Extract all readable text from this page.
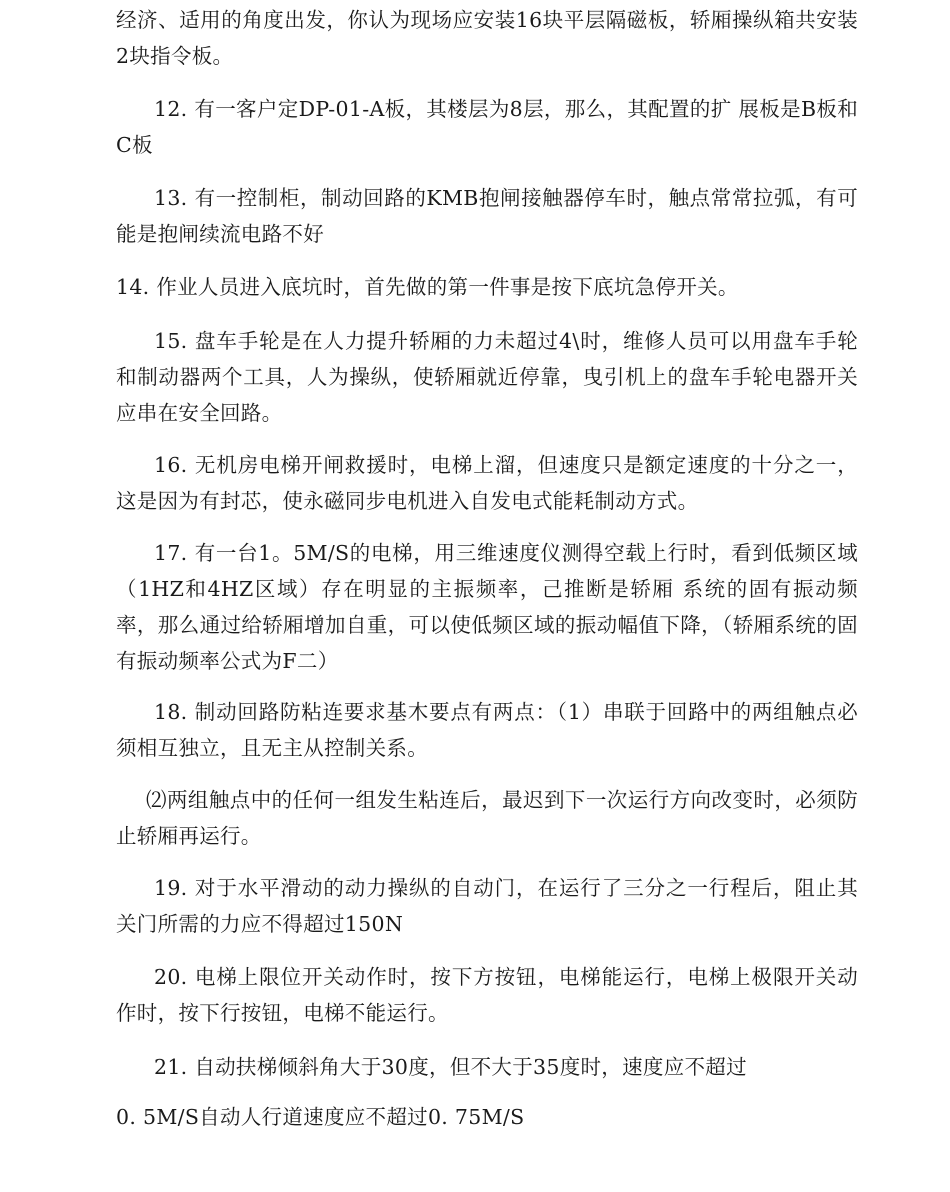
经济、适用的角度出发，你认为现场应安装16块平层隔磁板，轿厢操纵箱共安装2块指令板。

12. 有一客户定DP-01-A板，其楼层为8层，那么，其配置的扩 展板是B板和C板

13. 有一控制柜，制动回路的KMB抱闸接触器停车时，触点常常拉弧，有可能是抱闸续流电路不好

14. 作业人员进入底坑时，首先做的第一件事是按下底坑急停开关。

15. 盘车手轮是在人力提升轿厢的力未超过4\时，维修人员可以用盘车手轮和制动器两个工具，人为操纵，使轿厢就近停靠，曳引机上的盘车手轮电器开关应串在安全回路。

16. 无机房电梯开闸救援时，电梯上溜，但速度只是额定速度的十分之一，这是因为有封芯，使永磁同步电机进入自发电式能耗制动方式。

17. 有一台1。5M/S的电梯，用三维速度仪测得空载上行时，看到低频区域（1HZ和4HZ区域）存在明显的主振频率，己推断是轿厢 系统的固有振动频率，那么通过给轿厢增加自重，可以使低频区域的振动幅值下降，（轿厢系统的固有振动频率公式为F二）

18. 制动回路防粘连要求基木要点有两点：（1）串联于回路中的两组触点必须相互独立，且无主从控制关系。

⑵两组触点中的任何一组发生粘连后，最迟到下一次运行方向改变时，必须防止轿厢再运行。

19. 对于水平滑动的动力操纵的自动门，在运行了三分之一行程后，阻止其关门所需的力应不得超过150N

20. 电梯上限位开关动作时，按下方按钮，电梯能运行，电梯上极限开关动作时，按下行按钮，电梯不能运行。

21. 自动扶梯倾斜角大于30度，但不大于35度时，速度应不超过

0. 5M/S自动人行道速度应不超过0. 75M/S
